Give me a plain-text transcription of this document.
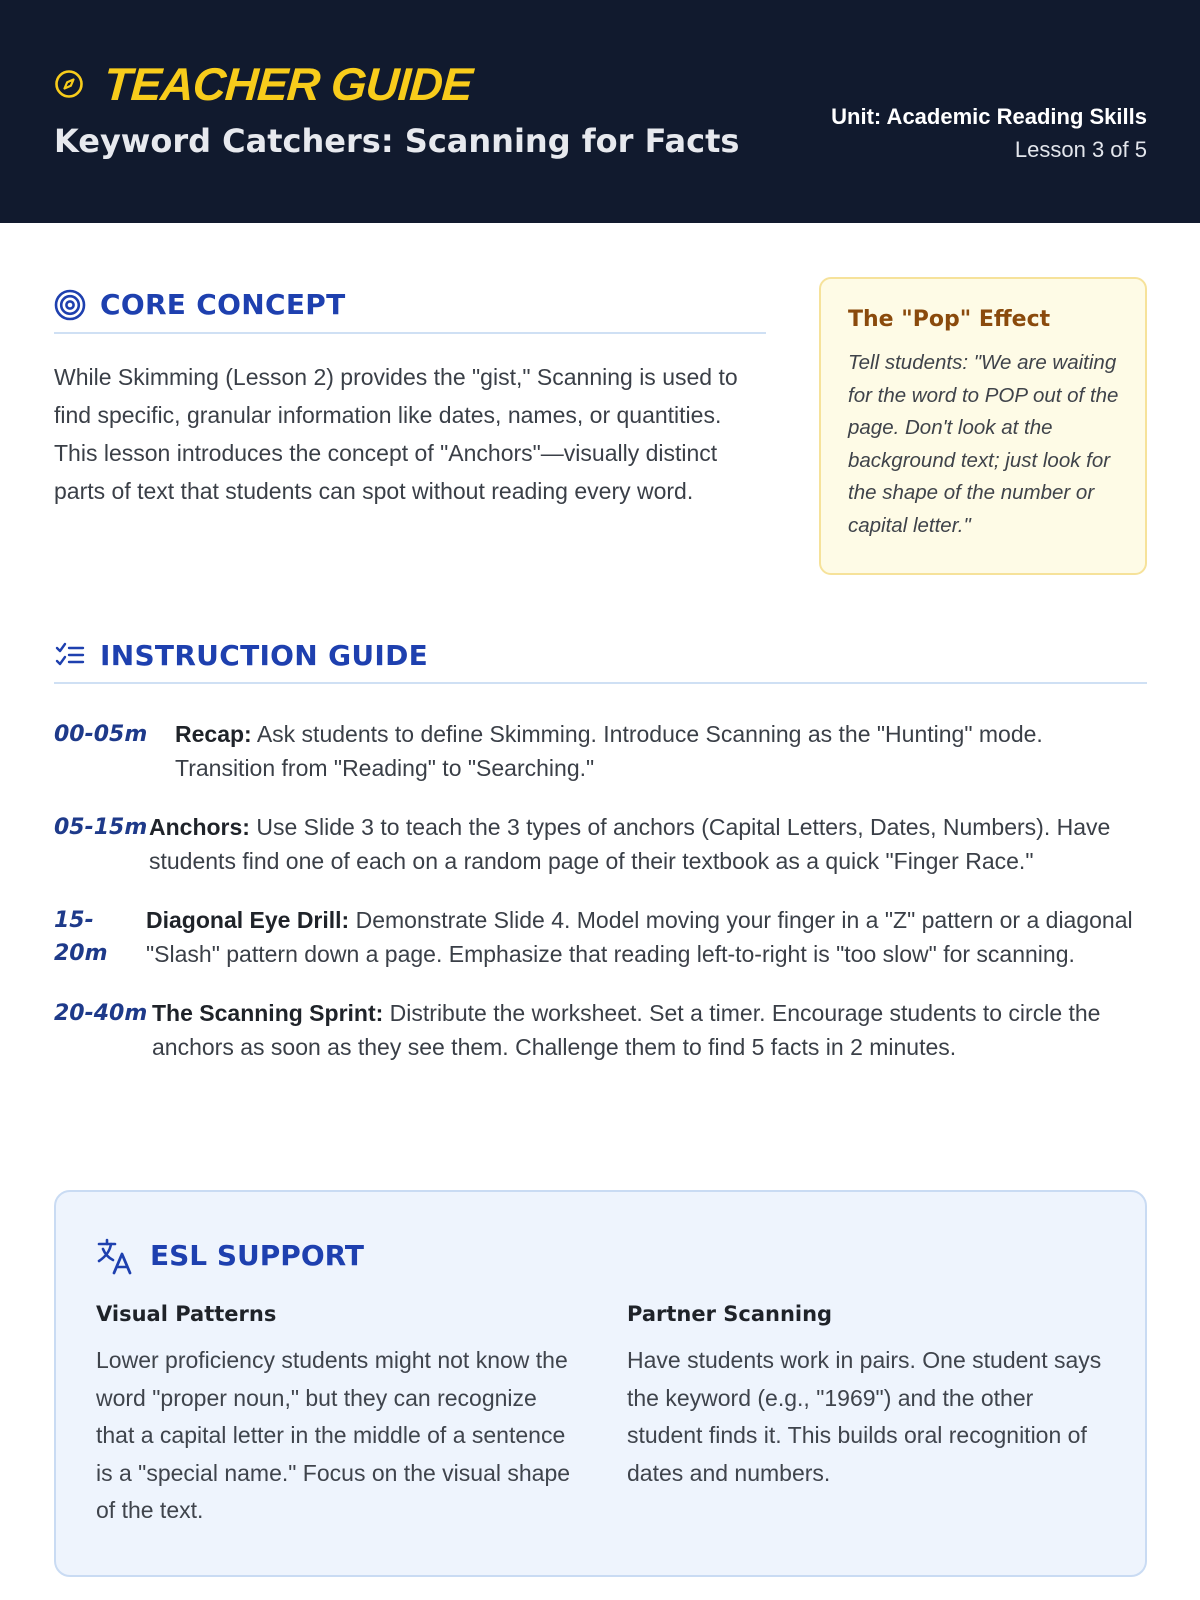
TEACHER GUIDE
Keyword Catchers: Scanning for Facts
Unit: Academic Reading Skills
Lesson 3 of 5
CORE CONCEPT
While Skimming (Lesson 2) provides the "gist," Scanning is used to find specific, granular information like dates, names, or quantities. This lesson introduces the concept of "Anchors"—visually distinct parts of text that students can spot without reading every word.
The "Pop" Effect
Tell students: "We are waiting for the word to POP out of the page. Don't look at the background text; just look for the shape of the number or capital letter."
INSTRUCTION GUIDE
00-05m	Recap: Ask students to define Skimming. Introduce Scanning as the "Hunting" mode. Transition from "Reading" to "Searching."
05-15m Anchors: Use Slide 3 to teach the 3 types of anchors (Capital Letters, Dates, Numbers). Have students find one of each on a random page of their textbook as a quick "Finger Race."
15-20m
Diagonal Eye Drill: Demonstrate Slide 4. Model moving your finger in a "Z" pattern or a diagonal "Slash" pattern down a page. Emphasize that reading left-to-right is "too slow" for scanning.
20-40m The Scanning Sprint: Distribute the worksheet. Set a timer. Encourage students to circle the anchors as soon as they see them. Challenge them to find 5 facts in 2 minutes.
ESL SUPPORT
Visual Patterns
Lower proficiency students might not know the word "proper noun," but they can recognize that a capital letter in the middle of a sentence is a "special name." Focus on the visual shape of the text.
Partner Scanning
Have students work in pairs. One student says the keyword (e.g., "1969") and the other student finds it. This builds oral recognition of dates and numbers.
